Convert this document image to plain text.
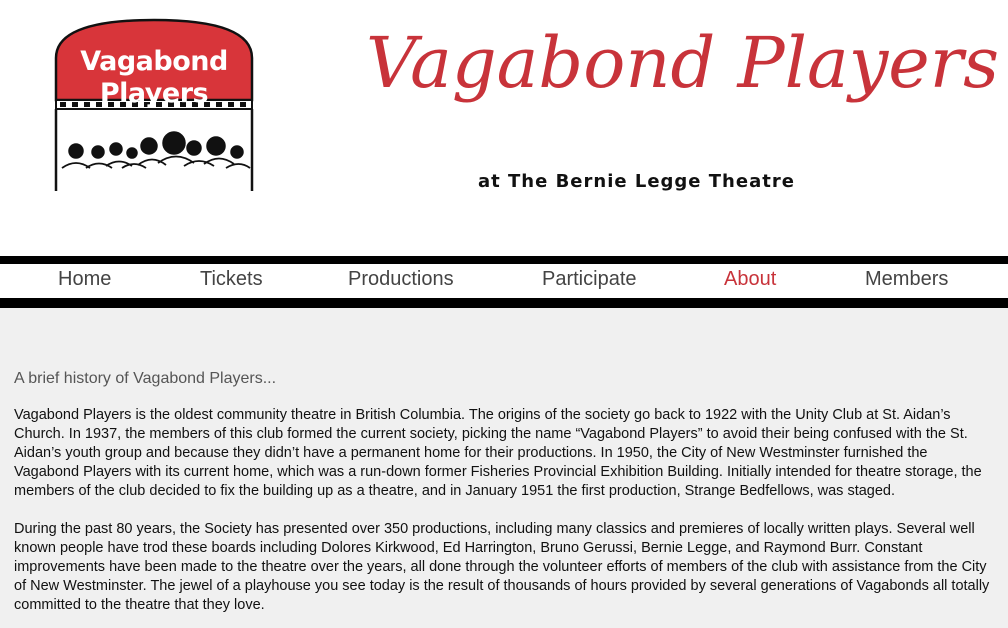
Vagabond
Players	Vagabond Players
at The Bernie Legge Theatre
Home	Tickets	Productions	Participate	About	Members

A brief history of Vagabond Players...

Vagabond Players is the oldest community theatre in British Columbia. The origins of the society go back to 1922 with the Unity Club at St. Aidan’s Church. In 1937, the members of this club formed the current society, picking the name “Vagabond Players” to avoid their being confused with the St. Aidan’s youth group and because they didn’t have a permanent home for their productions. In 1950, the City of New Westminster furnished the Vagabond Players with its current home, which was a run-down former Fisheries Provincial Exhibition Building. Initially intended for theatre storage, the members of the club decided to fix the building up as a theatre, and in January 1951 the first production, Strange Bedfellows, was staged.

During the past 80 years, the Society has presented over 350 productions, including many classics and premieres of locally written plays. Several well known people have trod these boards including Dolores Kirkwood, Ed Harrington, Bruno Gerussi, Bernie Legge, and Raymond Burr. Constant improvements have been made to the theatre over the years, all done through the volunteer efforts of members of the club with assistance from the City of New Westminster. The jewel of a playhouse you see today is the result of thousands of hours provided by several generations of Vagabonds all totally committed to the theatre that they love.
